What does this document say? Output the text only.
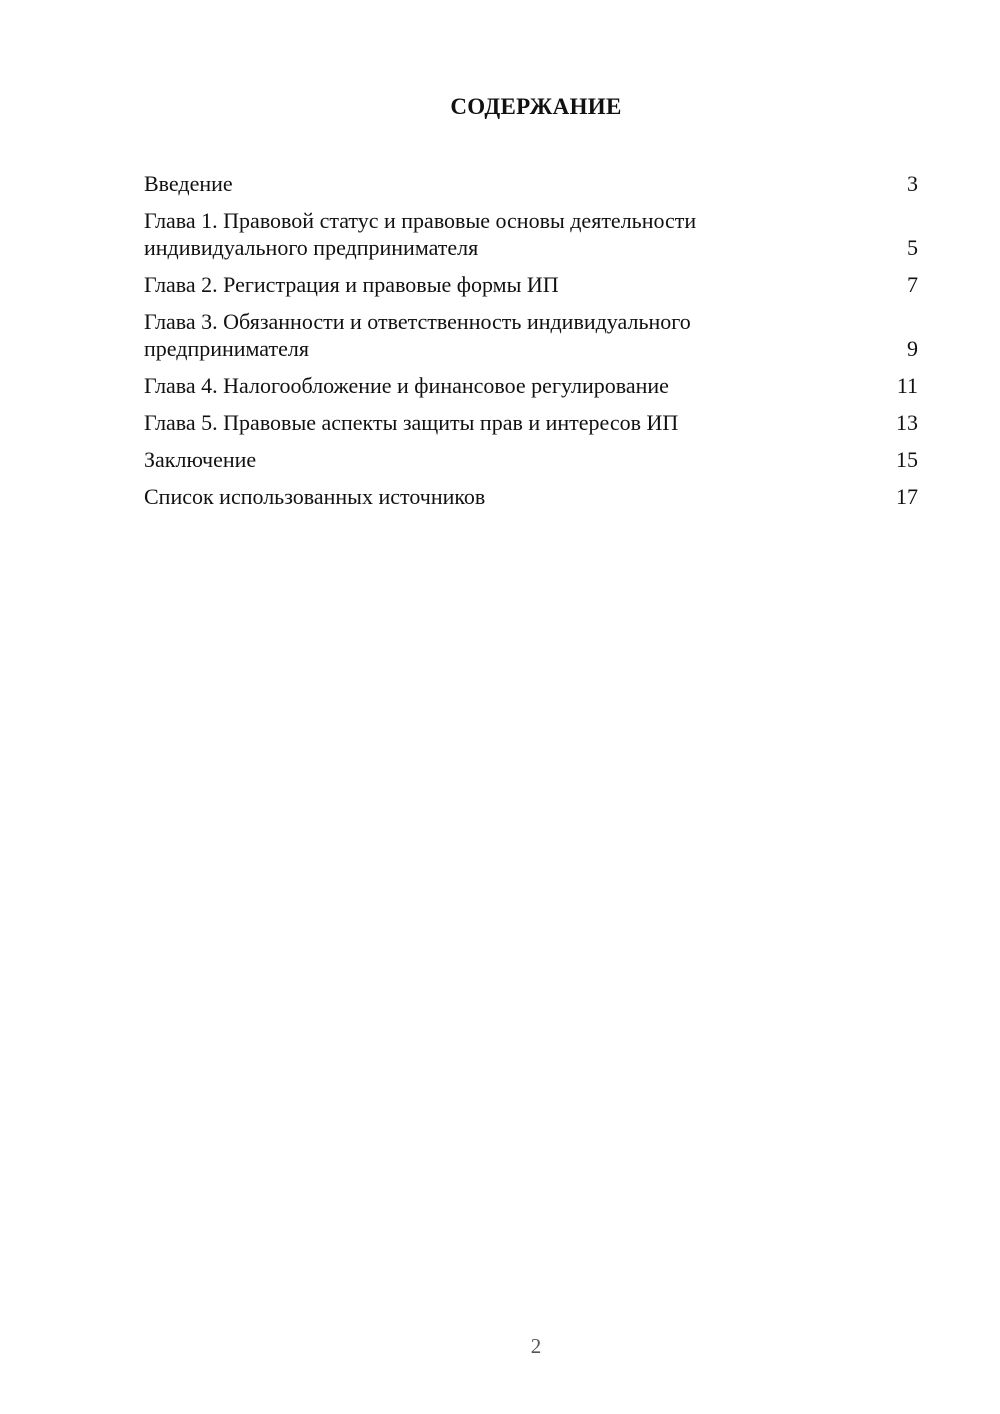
СОДЕРЖАНИЕ
Введение	3
Глава 1. Правовой статус и правовые основы деятельности
индивидуального предпринимателя	5
Глава 2. Регистрация и правовые формы ИП	7
Глава 3. Обязанности и ответственность индивидуального
предпринимателя	9
Глава 4. Налогообложение и финансовое регулирование	11
Глава 5. Правовые аспекты защиты прав и интересов ИП	13
Заключение	15
Список использованных источников	17
2
